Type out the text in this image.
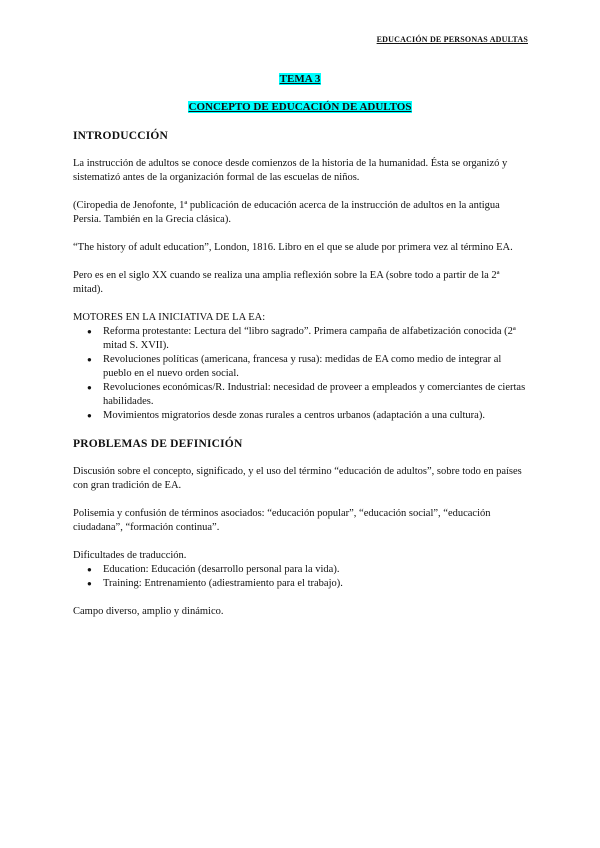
EDUCACIÓN DE PERSONAS ADULTAS
TEMA 3
CONCEPTO DE EDUCACIÓN DE ADULTOS
INTRODUCCIÓN

La instrucción de adultos se conoce desde comienzos de la historia de la humanidad. Ésta se organizó y sistematizó antes de la organización formal de las escuelas de niños.

(Ciropedia de Jenofonte, 1ª publicación de educación acerca de la instrucción de adultos en la antigua Persia. También en la Grecia clásica).

“The history of adult education”, London, 1816. Libro en el que se alude por primera vez al término EA.

Pero es en el siglo XX cuando se realiza una amplia reflexión sobre la EA (sobre todo a partir de la 2ª mitad).

MOTORES EN LA INICIATIVA DE LA EA:

● Reforma protestante: Lectura del “libro sagrado”. Primera campaña de alfabetización conocida (2ª mitad S. XVII).
● Revoluciones políticas (americana, francesa y rusa): medidas de EA como medio de integrar al pueblo en el nuevo orden social.
● Revoluciones económicas/R. Industrial: necesidad de proveer a empleados y comerciantes de ciertas habilidades.
● Movimientos migratorios desde zonas rurales a centros urbanos (adaptación a una cultura).
PROBLEMAS DE DEFINICIÓN

Discusión sobre el concepto, significado, y el uso del término “educación de adultos”, sobre todo en países con gran tradición de EA.

Polisemia y confusión de términos asociados: “educación popular”, “educación social”, “educación ciudadana”, “formación continua”.

Dificultades de traducción.

● Education: Educación (desarrollo personal para la vida).
● Training: Entrenamiento (adiestramiento para el trabajo).

Campo diverso, amplio y dinámico.
